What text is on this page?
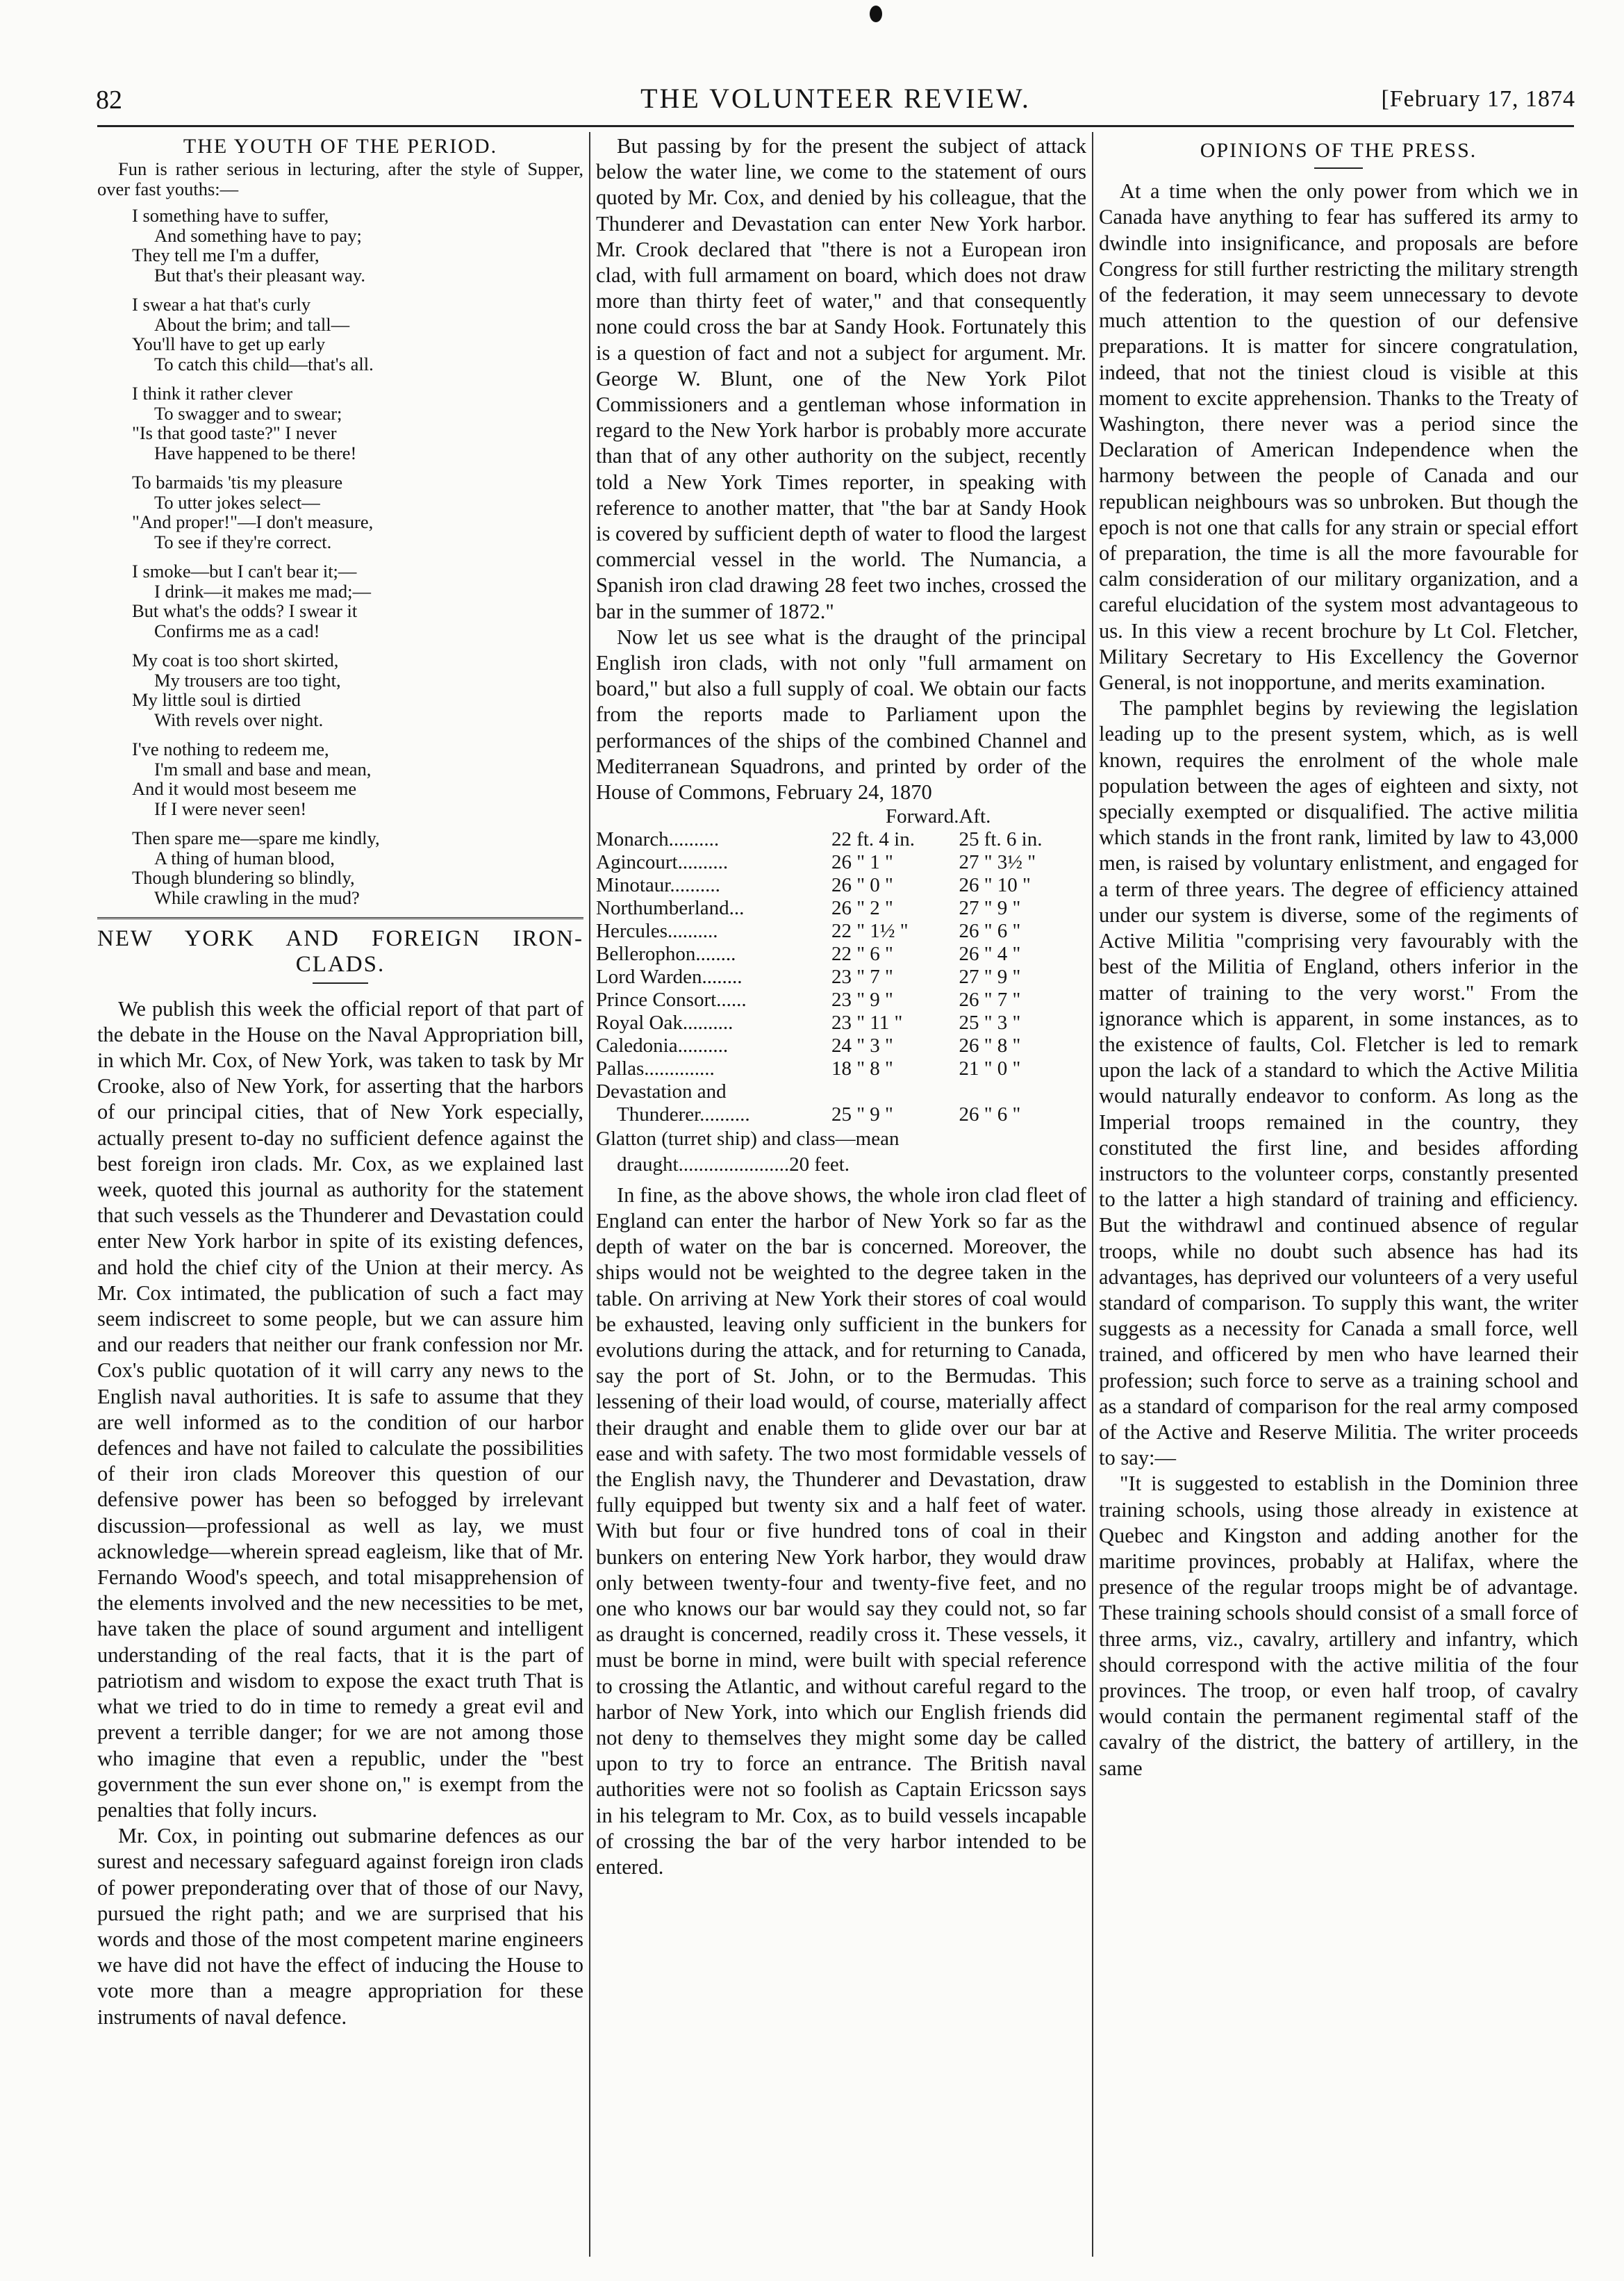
82	THE VOLUNTEER REVIEW.	[February 17, 1874
THE YOUTH OF THE PERIOD.

Fun is rather serious in lecturing, after the style of Supper, over fast youths:—

I something have to suffer,
And something have to pay;
They tell me I'm a duffer,
But that's their pleasant way.
I swear a hat that's curly
About the brim; and tall—
You'll have to get up early
To catch this child—that's all.
I think it rather clever
To swagger and to swear;
"Is that good taste?" I never
Have happened to be there!
To barmaids 'tis my pleasure
To utter jokes select—
"And proper!"—I don't measure,
To see if they're correct.
I smoke—but I can't bear it;—
I drink—it makes me mad;—
But what's the odds? I swear it
Confirms me as a cad!
My coat is too short skirted,
My trousers are too tight,
My little soul is dirtied
With revels over night.
I've nothing to redeem me,
I'm small and base and mean,
And it would most beseem me
If I were never seen!
Then spare me—spare me kindly,
A thing of human blood,
Though blundering so blindly,
While crawling in the mud?
NEW YORK AND FOREIGN IRON-
CLADS.

We publish this week the official report of that part of the debate in the House on the Naval Appropriation bill, in which Mr. Cox, of New York, was taken to task by Mr Crooke, also of New York, for asserting that the harbors of our principal cities, that of New York especially, actually present to-day no sufficient defence against the best foreign iron clads. Mr. Cox, as we explained last week, quoted this journal as authority for the statement that such vessels as the Thunderer and Devastation could enter New York harbor in spite of its existing defences, and hold the chief city of the Union at their mercy. As Mr. Cox intimated, the publication of such a fact may seem indiscreet to some people, but we can assure him and our readers that neither our frank confession nor Mr. Cox's public quotation of it will carry any news to the English naval authorities. It is safe to assume that they are well informed as to the condition of our harbor defences and have not failed to calculate the possibilities of their iron clads Moreover this question of our defensive power has been so befogged by irrelevant discussion—professional as well as lay, we must acknowledge—wherein spread eagleism, like that of Mr. Fernando Wood's speech, and total misapprehension of the elements involved and the new necessities to be met, have taken the place of sound argument and intelligent understanding of the real facts, that it is the part of patriotism and wisdom to expose the exact truth That is what we tried to do in time to remedy a great evil and prevent a terrible danger; for we are not among those who imagine that even a republic, under the "best government the sun ever shone on," is exempt from the penalties that folly incurs.

Mr. Cox, in pointing out submarine defences as our surest and necessary safeguard against foreign iron clads of power preponderating over that of those of our Navy, pursued the right path; and we are surprised that his words and those of the most competent marine engineers we have did not have the effect of inducing the House to vote more than a meagre appropriation for these instruments of naval defence.

But passing by for the present the subject of attack below the water line, we come to the statement of ours quoted by Mr. Cox, and denied by his colleague, that the Thunderer and Devastation can enter New York harbor. Mr. Crook declared that "there is not a European iron clad, with full armament on board, which does not draw more than thirty feet of water," and that consequently none could cross the bar at Sandy Hook. Fortunately this is a question of fact and not a subject for argument. Mr. George W. Blunt, one of the New York Pilot Commissioners and a gentleman whose information in regard to the New York harbor is probably more accurate than that of any other authority on the subject, recently told a New York Times reporter, in speaking with reference to another matter, that "the bar at Sandy Hook is covered by sufficient depth of water to flood the largest commercial vessel in the world. The Numancia, a Spanish iron clad drawing 28 feet two inches, crossed the bar in the summer of 1872."

Now let us see what is the draught of the principal English iron clads, with not only "full armament on board," but also a full supply of coal. We obtain our facts from the reports made to Parliament upon the performances of the ships of the combined Channel and Mediterranean Squadrons, and printed by order of the House of Commons, February 24, 1870

	Forward.	Aft.
Monarch..........	22 ft. 4 in.	25 ft. 6 in.
Agincourt..........	26 " 1 "	27 " 3½ "
Minotaur..........	26 " 0 "	26 " 10 "
Northumberland...	26 " 2 "	27 " 9 "
Hercules..........	22 " 1½ "	26 " 6 "
Bellerophon........	22 " 6 "	26 " 4 "
Lord Warden........	23 " 7 "	27 " 9 "
Prince Consort......	23 " 9 "	26 " 7 "
Royal Oak..........	23 " 11 "	25 " 3 "
Caledonia..........	24 " 3 "	26 " 8 "
Pallas..............	18 " 8 "	21 " 0 "
Devastation and		
Thunderer..........	25 " 9 "	26 " 6 "

Glatton (turret ship) and class—mean

draught......................20 feet.

In fine, as the above shows, the whole iron clad fleet of England can enter the harbor of New York so far as the depth of water on the bar is concerned. Moreover, the ships would not be weighted to the degree taken in the table. On arriving at New York their stores of coal would be exhausted, leaving only sufficient in the bunkers for evolutions during the attack, and for returning to Canada, say the port of St. John, or to the Bermudas. This lessening of their load would, of course, materially affect their draught and enable them to glide over our bar at ease and with safety. The two most formidable vessels of the English navy, the Thunderer and Devastation, draw fully equipped but twenty six and a half feet of water. With but four or five hundred tons of coal in their bunkers on entering New York harbor, they would draw only between twenty-four and twenty-five feet, and no one who knows our bar would say they could not, so far as draught is concerned, readily cross it. These vessels, it must be borne in mind, were built with special reference to crossing the Atlantic, and without careful regard to the harbor of New York, into which our English friends did not deny to themselves they might some day be called upon to try to force an entrance. The British naval authorities were not so foolish as Captain Ericsson says in his telegram to Mr. Cox, as to build vessels incapable of crossing the bar of the very harbor intended to be entered.

OPINIONS OF THE PRESS.

At a time when the only power from which we in Canada have anything to fear has suffered its army to dwindle into insignificance, and proposals are before Congress for still further restricting the military strength of the federation, it may seem unnecessary to devote much attention to the question of our defensive preparations. It is matter for sincere congratulation, indeed, that not the tiniest cloud is visible at this moment to excite apprehension. Thanks to the Treaty of Washington, there never was a period since the Declaration of American Independence when the harmony between the people of Canada and our republican neighbours was so unbroken. But though the epoch is not one that calls for any strain or special effort of preparation, the time is all the more favourable for calm consideration of our military organization, and a careful elucidation of the system most advantageous to us. In this view a recent brochure by Lt Col. Fletcher, Military Secretary to His Excellency the Governor General, is not inopportune, and merits examination.

The pamphlet begins by reviewing the legislation leading up to the present system, which, as is well known, requires the enrolment of the whole male population between the ages of eighteen and sixty, not specially exempted or disqualified. The active militia which stands in the front rank, limited by law to 43,000 men, is raised by voluntary enlistment, and engaged for a term of three years. The degree of efficiency attained under our system is diverse, some of the regiments of Active Militia "comprising very favourably with the best of the Militia of England, others inferior in the matter of training to the very worst." From the ignorance which is apparent, in some instances, as to the existence of faults, Col. Fletcher is led to remark upon the lack of a standard to which the Active Militia would naturally endeavor to conform. As long as the Imperial troops remained in the country, they constituted the first line, and besides affording instructors to the volunteer corps, constantly presented to the latter a high standard of training and efficiency. But the withdrawl and continued absence of regular troops, while no doubt such absence has had its advantages, has deprived our volunteers of a very useful standard of comparison. To supply this want, the writer suggests as a necessity for Canada a small force, well trained, and officered by men who have learned their profession; such force to serve as a training school and as a standard of comparison for the real army composed of the Active and Reserve Militia. The writer proceeds to say:—

"It is suggested to establish in the Dominion three training schools, using those already in existence at Quebec and Kingston and adding another for the maritime provinces, probably at Halifax, where the presence of the regular troops might be of advantage. These training schools should consist of a small force of three arms, viz., cavalry, artillery and infantry, which should correspond with the active militia of the four provinces. The troop, or even half troop, of cavalry would contain the permanent regimental staff of the cavalry of the district, the battery of artillery, in the same
